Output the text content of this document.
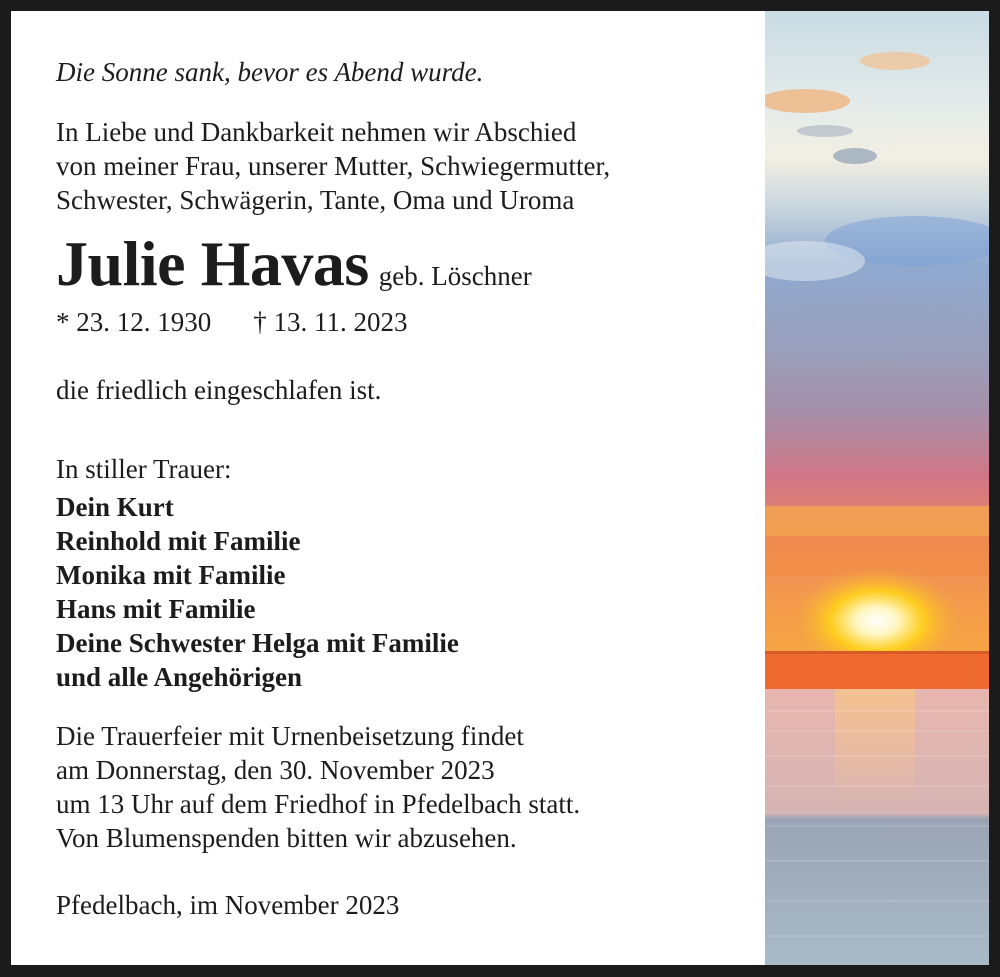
Die Sonne sank, bevor es Abend wurde.
In Liebe und Dankbarkeit nehmen wir Abschied
von meiner Frau, unserer Mutter, Schwiegermutter,
Schwester, Schwägerin, Tante, Oma und Uroma
Julie Havas geb. Löschner
* 23. 12. 1930 † 13. 11. 2023
die friedlich eingeschlafen ist.
In stiller Trauer:
Dein Kurt
Reinhold mit Familie
Monika mit Familie
Hans mit Familie
Deine Schwester Helga mit Familie
und alle Angehörigen
Die Trauerfeier mit Urnenbeisetzung findet
am Donnerstag, den 30. November 2023
um 13 Uhr auf dem Friedhof in Pfedelbach statt.
Von Blumenspenden bitten wir abzusehen.
Pfedelbach, im November 2023
